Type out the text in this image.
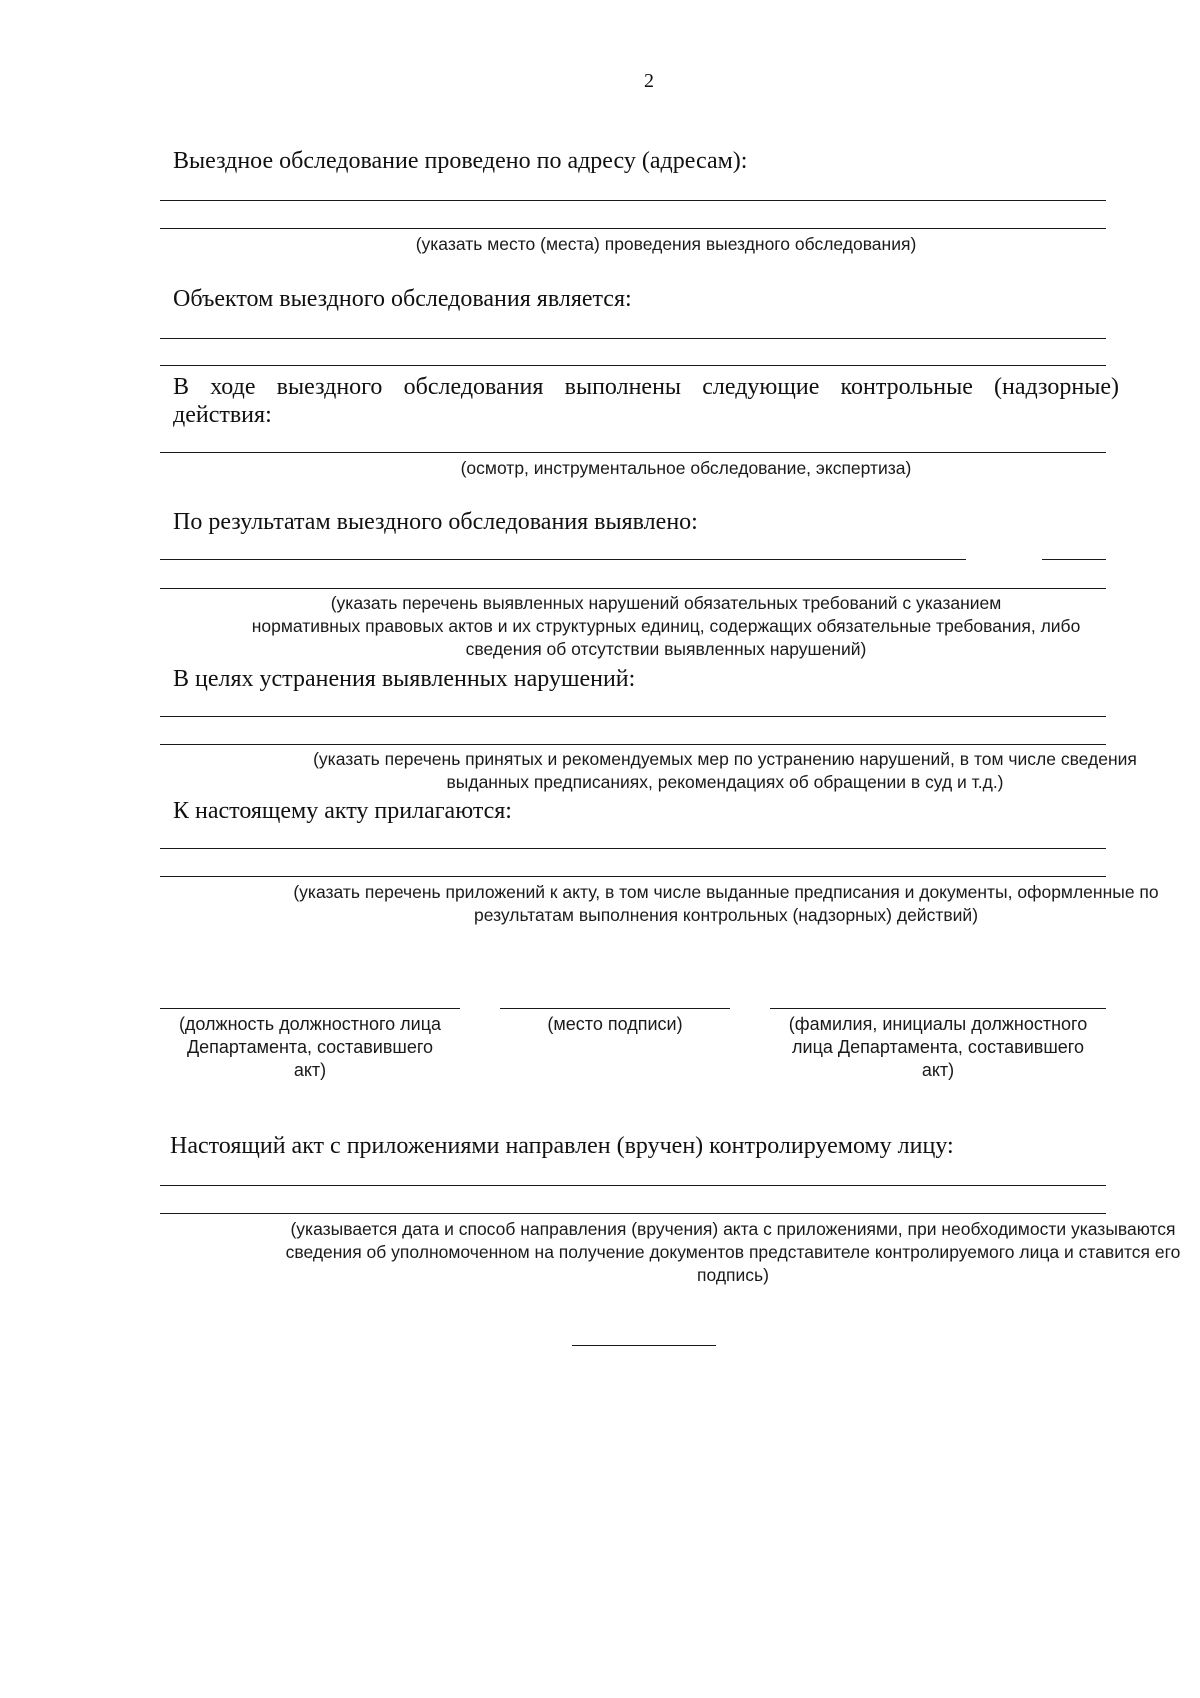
2
Выездное обследование проведено по адресу (адресам):
(указать место (места) проведения выездного обследования)
Объектом выездного обследования является:
В ходе выездного обследования выполнены следующие контрольные (надзорные)
действия:
(осмотр, инструментальное обследование, экспертиза)
По результатам выездного обследования выявлено:
(указать перечень выявленных нарушений обязательных требований с указанием
нормативных правовых актов и их структурных единиц, содержащих обязательные требования, либо
сведения об отсутствии выявленных нарушений)
В целях устранения выявленных нарушений:
(указать перечень принятых и рекомендуемых мер по устранению нарушений, в том числе сведения
выданных предписаниях, рекомендациях об обращении в суд и т.д.)
К настоящему акту прилагаются:
(указать перечень приложений к акту, в том числе выданные предписания и документы, оформленные по
результатам выполнения контрольных (надзорных) действий)
(должность должностного лица
Департамента, составившего
акт)
(место подписи)	(фамилия, инициалы должностного
лица Департамента, составившего
акт)
Настоящий акт с приложениями направлен (вручен) контролируемому лицу:
(указывается дата и способ направления (вручения) акта с приложениями, при необходимости указываются
сведения об уполномоченном на получение документов представителе контролируемого лица и ставится его
подпись)
